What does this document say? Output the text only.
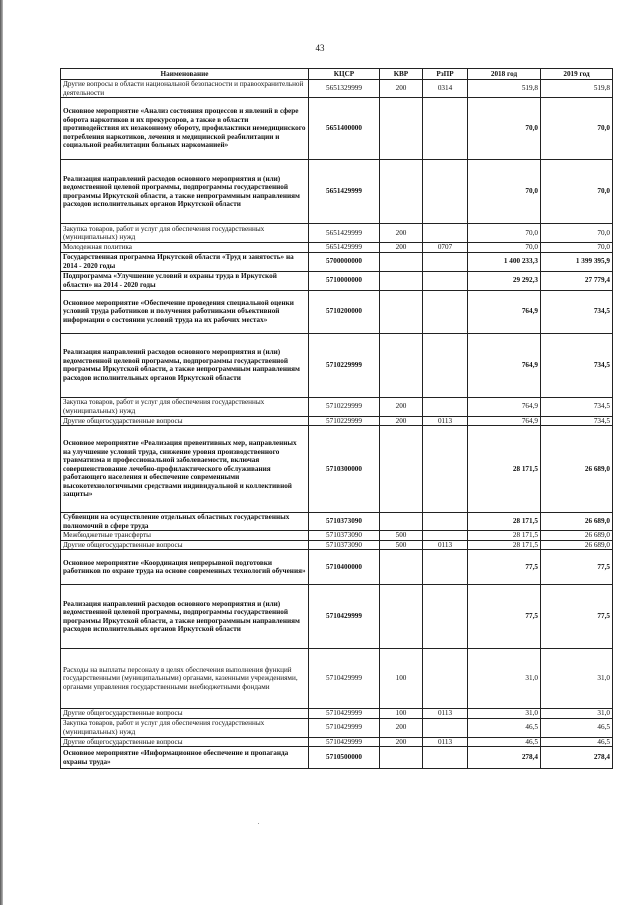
43
Наименование	КЦСР	КВР	РзПР	2018 год	2019 год
Другие вопросы в области национальной безопасности и правоохранительной деятельности	5651329999	200	0314	519,8	519,8
Основное мероприятие «Анализ состояния процессов и явлений в сфере оборота наркотиков и их прекурсоров, а также в области противодействия их незаконному обороту, профилактики немедицинского потребления наркотиков, лечения и медицинской реабилитации и социальной реабилитации больных наркоманией»	5651400000			70,0	70,0
Реализация направлений расходов основного мероприятия и (или) ведомственной целевой программы, подпрограммы государственной программы Иркутской области, а также непрограммным направлениям расходов исполнительных органов Иркутской области	5651429999			70,0	70,0
Закупка товаров, работ и услуг для обеспечения государственных (муниципальных) нужд	5651429999	200		70,0	70,0
Молодежная политика	5651429999	200	0707	70,0	70,0
Государственная программа Иркутской области «Труд и занятость» на 2014 - 2020 годы	5700000000			1 400 233,3	1 399 395,9
Подпрограмма «Улучшение условий и охраны труда в Иркутской области» на 2014 - 2020 годы	5710000000			29 292,3	27 779,4
Основное мероприятие «Обеспечение проведения специальной оценки условий труда работников и получения работниками объективной информации о состоянии условий труда на их рабочих местах»	5710200000			764,9	734,5
Реализация направлений расходов основного мероприятия и (или) ведомственной целевой программы, подпрограммы государственной программы Иркутской области, а также непрограммным направлениям расходов исполнительных органов Иркутской области	5710229999			764,9	734,5
Закупка товаров, работ и услуг для обеспечения государственных (муниципальных) нужд	5710229999	200		764,9	734,5
Другие общегосударственные вопросы	5710229999	200	0113	764,9	734,5
Основное мероприятие «Реализация превентивных мер, направленных на улучшение условий труда, снижение уровня производственного травматизма и профессиональной заболеваемости, включая совершенствование лечебно-профилактического обслуживания работающего населения и обеспечение современными высокотехнологичными средствами индивидуальной и коллективной защиты»	5710300000			28 171,5	26 689,0
Субвенции на осуществление отдельных областных государственных полномочий в сфере труда	5710373090			28 171,5	26 689,0
Межбюджетные трансферты	5710373090	500		28 171,5	26 689,0
Другие общегосударственные вопросы	5710373090	500	0113	28 171,5	26 689,0
Основное мероприятие «Координация непрерывной подготовки работников по охране труда на основе современных технологий обучения»	5710400000			77,5	77,5
Реализация направлений расходов основного мероприятия и (или) ведомственной целевой программы, подпрограммы государственной программы Иркутской области, а также непрограммным направлениям расходов исполнительных органов Иркутской области	5710429999			77,5	77,5
Расходы на выплаты персоналу в целях обеспечения выполнения функций государственными (муниципальными) органами, казенными учреждениями, органами управления государственными внебюджетными фондами	5710429999	100		31,0	31,0
Другие общегосударственные вопросы	5710429999	100	0113	31,0	31,0
Закупка товаров, работ и услуг для обеспечения государственных (муниципальных) нужд	5710429999	200		46,5	46,5
Другие общегосударственные вопросы	5710429999	200	0113	46,5	46,5
Основное мероприятие «Информационное обеспечение и пропаганда охраны труда»	5710500000			278,4	278,4
